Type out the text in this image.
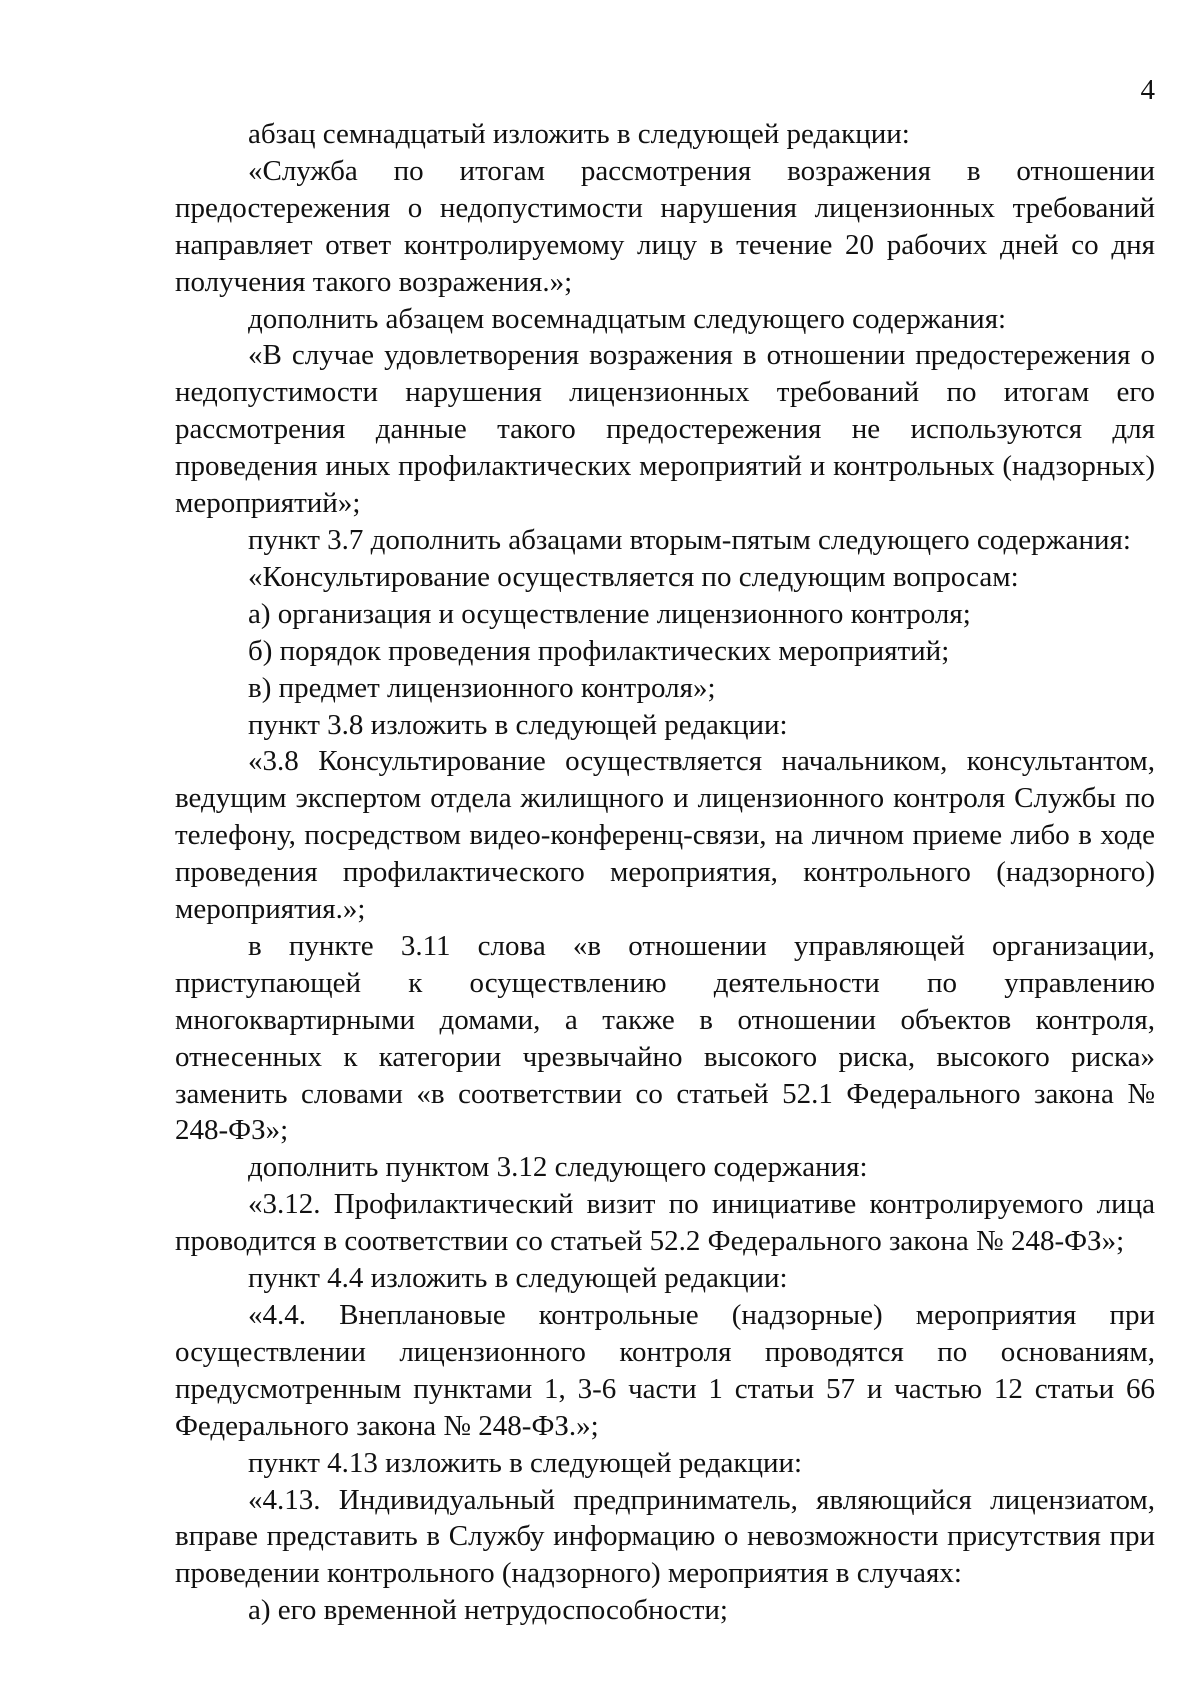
4

абзац семнадцатый изложить в следующей редакции:

«Служба по итогам рассмотрения возражения в отношении предостережения о недопустимости нарушения лицензионных требований направляет ответ контролируемому лицу в течение 20 рабочих дней со дня получения такого возражения.»;

дополнить абзацем восемнадцатым следующего содержания:

«В случае удовлетворения возражения в отношении предостережения о недопустимости нарушения лицензионных требований по итогам его рассмотрения данные такого предостережения не используются для проведения иных профилактических мероприятий и контрольных (надзорных) мероприятий»;

пункт 3.7 дополнить абзацами вторым-пятым следующего содержания:

«Консультирование осуществляется по следующим вопросам:

а) организация и осуществление лицензионного контроля;

б) порядок проведения профилактических мероприятий;

в) предмет лицензионного контроля»;

пункт 3.8 изложить в следующей редакции:

«3.8 Консультирование осуществляется начальником, консультантом, ведущим экспертом отдела жилищного и лицензионного контроля Службы по телефону, посредством видео-конференц-связи, на личном приеме либо в ходе проведения профилактического мероприятия, контрольного (надзорного) мероприятия.»;

в пункте 3.11 слова «в отношении управляющей организации, приступающей к осуществлению деятельности по управлению многоквартирными домами, а также в отношении объектов контроля, отнесенных к категории чрезвычайно высокого риска, высокого риска» заменить словами «в соответствии со статьей 52.1 Федерального закона № 248-ФЗ»;

дополнить пунктом 3.12 следующего содержания:

«3.12. Профилактический визит по инициативе контролируемого лица проводится в соответствии со статьей 52.2 Федерального закона № 248-ФЗ»;

пункт 4.4 изложить в следующей редакции:

«4.4. Внеплановые контрольные (надзорные) мероприятия при осуществлении лицензионного контроля проводятся по основаниям, предусмотренным пунктами 1, 3-6 части 1 статьи 57 и частью 12 статьи 66 Федерального закона № 248-ФЗ.»;

пункт 4.13 изложить в следующей редакции:

«4.13. Индивидуальный предприниматель, являющийся лицензиатом, вправе представить в Службу информацию о невозможности присутствия при проведении контрольного (надзорного) мероприятия в случаях:

а) его временной нетрудоспособности;
